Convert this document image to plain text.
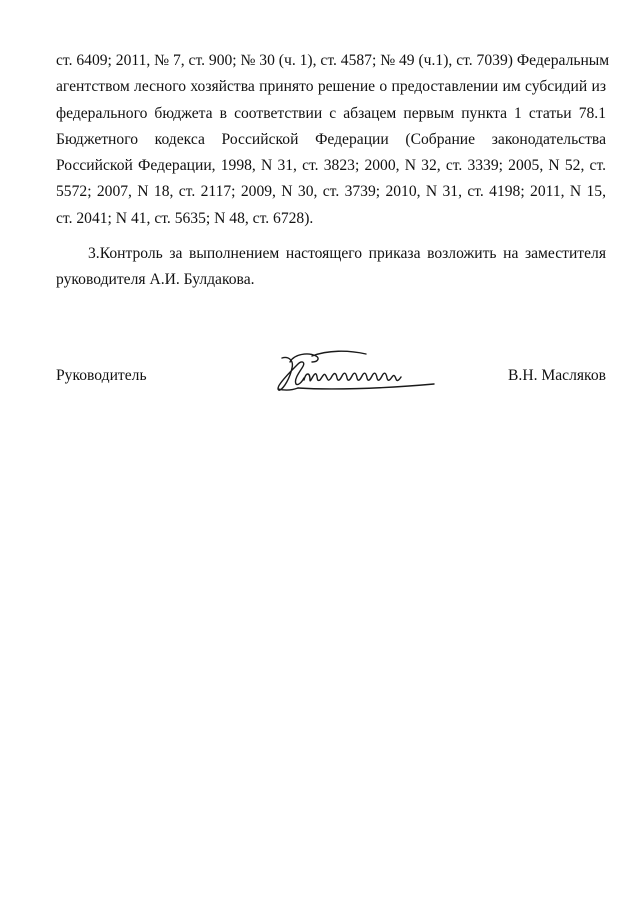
ст. 6409; 2011, № 7, ст. 900; № 30 (ч. 1), ст. 4587; № 49 (ч.1), ст. 7039) Федеральным
агентством лесного хозяйства принято решение о предоставлении им субсидий из
федерального бюджета в соответствии с абзацем первым пункта 1 статьи 78.1
Бюджетного кодекса Российской Федерации (Собрание законодательства
Российской Федерации, 1998, N 31, ст. 3823; 2000, N 32, ст. 3339; 2005, N 52, ст.
5572; 2007, N 18, ст. 2117; 2009, N 30, ст. 3739; 2010, N 31, ст. 4198; 2011, N 15,
ст. 2041; N 41, ст. 5635; N 48, ст. 6728).
3.Контроль за выполнением настоящего приказа возложить на заместителя
руководителя А.И. Булдакова.
Руководитель	В.Н. Масляков
